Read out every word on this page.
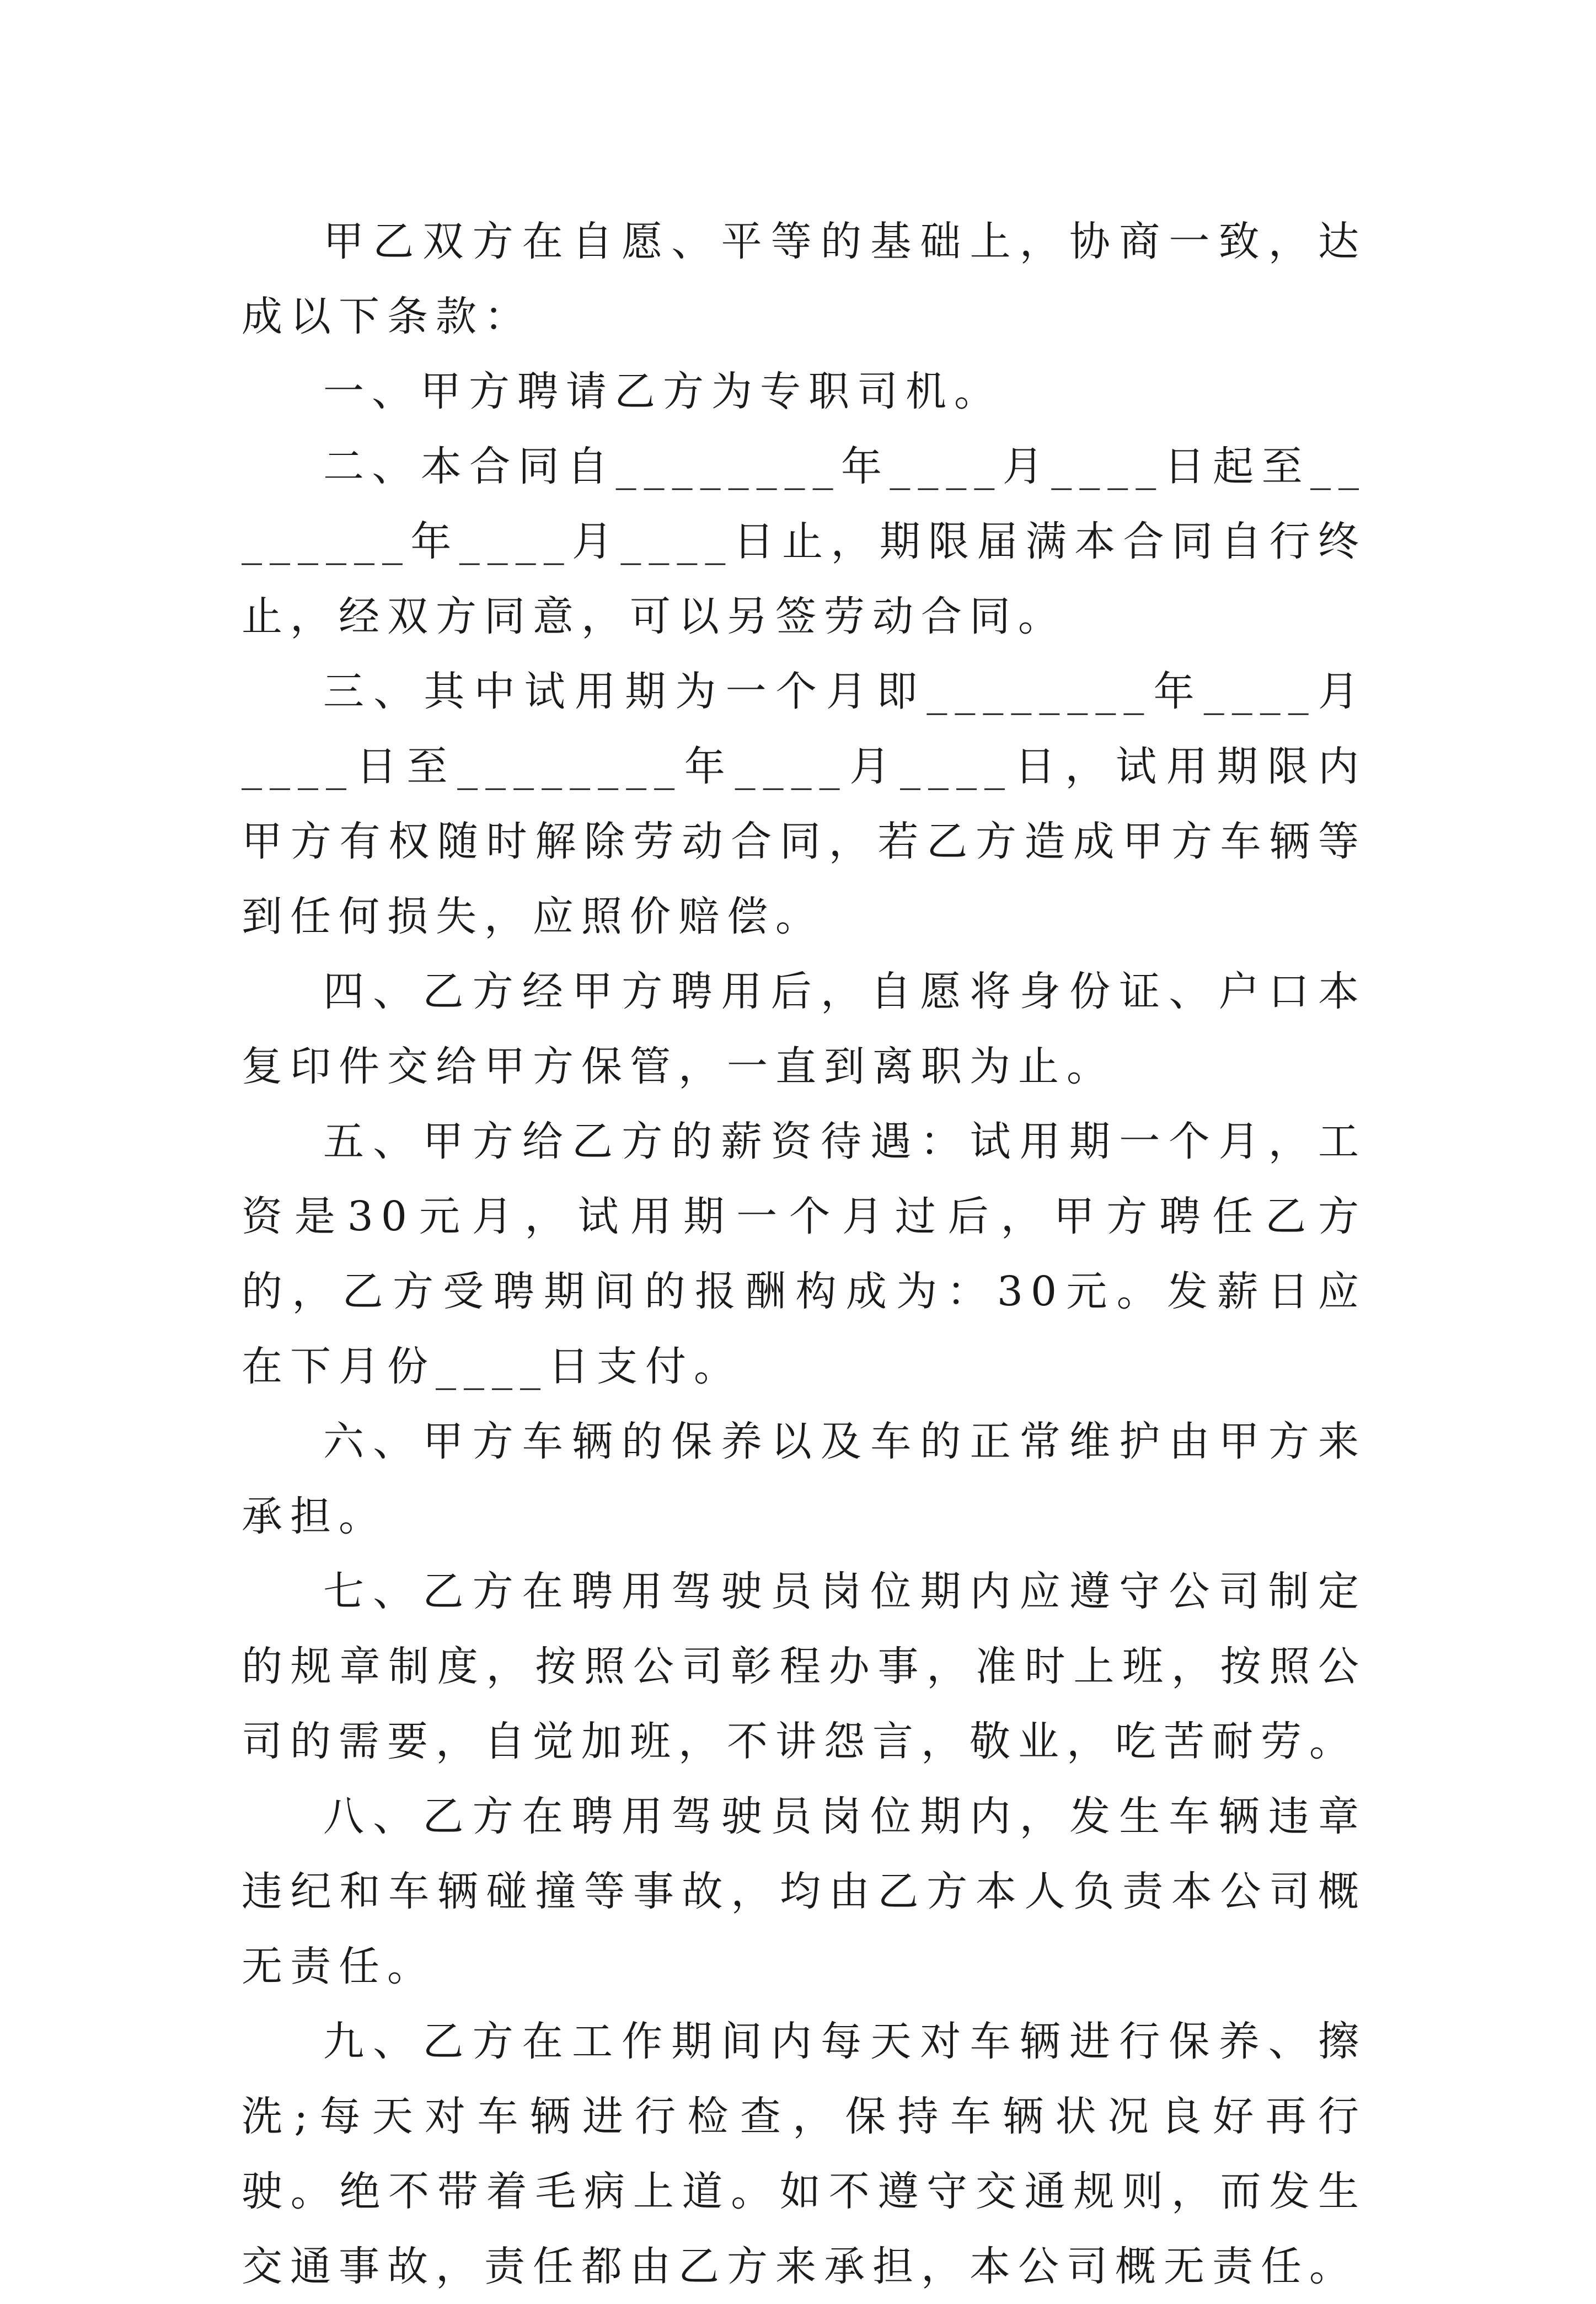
甲乙双方在自愿、平等的基础上，协商一致，达成以下条款：

一、甲方聘请乙方为专职司机。

二、本合同自________年____月____日起至________年____月____日止，期限届满本合同自行终止，经双方同意，可以另签劳动合同。

三、其中试用期为一个月即________年____月____日至________年____月____日，试用期限内甲方有权随时解除劳动合同，若乙方造成甲方车辆等到任何损失，应照价赔偿。

四、乙方经甲方聘用后，自愿将身份证、户口本复印件交给甲方保管，一直到离职为止。

五、甲方给乙方的薪资待遇：试用期一个月，工资是30元月，试用期一个月过后，甲方聘任乙方的，乙方受聘期间的报酬构成为：30元。发薪日应在下月份____日支付。

六、甲方车辆的保养以及车的正常维护由甲方来承担。

七、乙方在聘用驾驶员岗位期内应遵守公司制定的规章制度，按照公司彰程办事，准时上班，按照公司的需要，自觉加班，不讲怨言，敬业，吃苦耐劳。

八、乙方在聘用驾驶员岗位期内，发生车辆违章违纪和车辆碰撞等事故，均由乙方本人负责本公司概无责任。

九、乙方在工作期间内每天对车辆进行保养、擦洗;每天对车辆进行检查，保持车辆状况良好再行驶。绝不带着毛病上道。如不遵守交通规则，而发生交通事故，责任都由乙方来承担，本公司概无责任。
